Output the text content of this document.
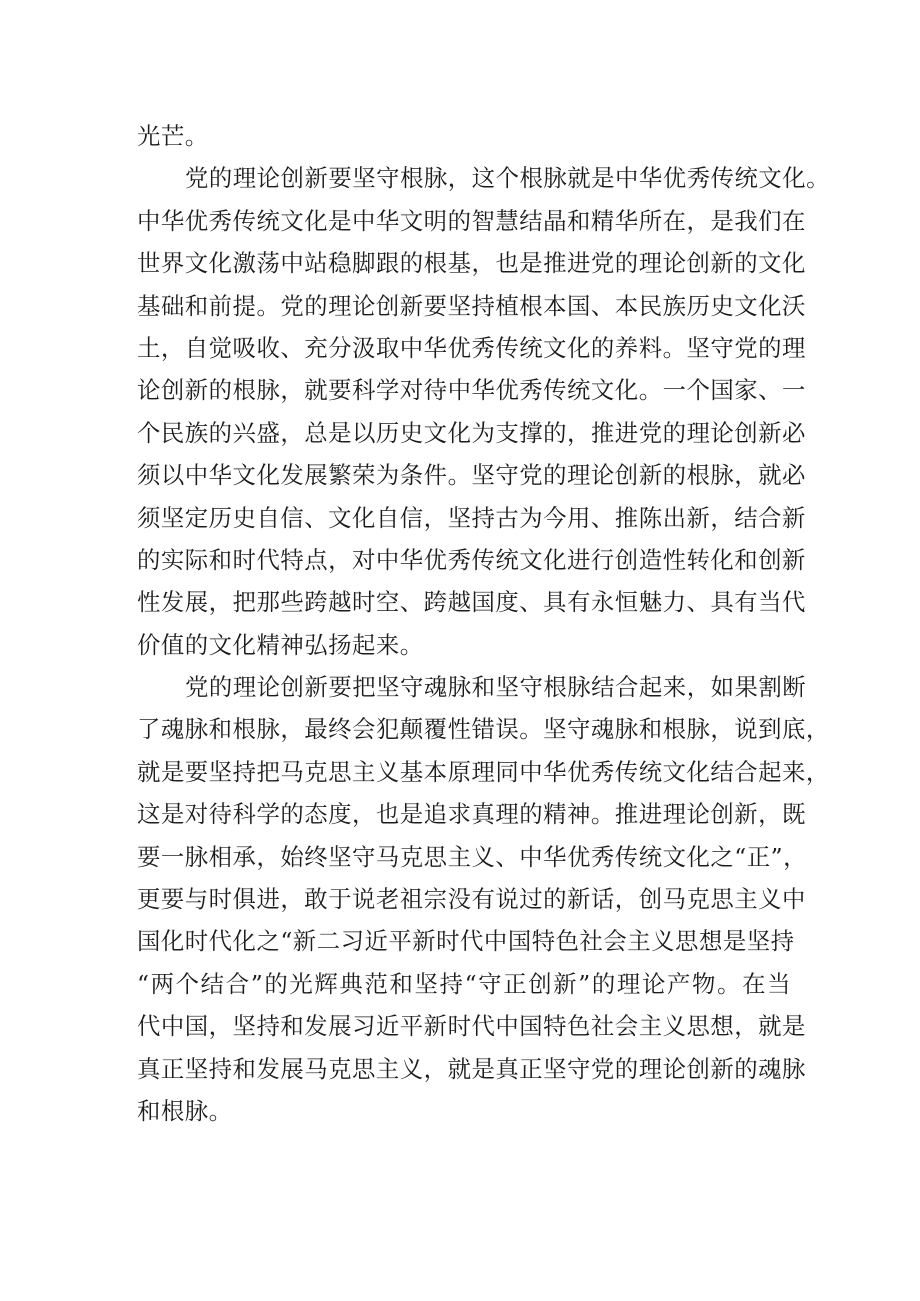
光芒。
党的理论创新要坚守根脉，这个根脉就是中华优秀传统文化。
中华优秀传统文化是中华文明的智慧结晶和精华所在，是我们在
世界文化激荡中站稳脚跟的根基，也是推进党的理论创新的文化
基础和前提。党的理论创新要坚持植根本国、本民族历史文化沃
土，自觉吸收、充分汲取中华优秀传统文化的养料。坚守党的理
论创新的根脉，就要科学对待中华优秀传统文化。一个国家、一
个民族的兴盛，总是以历史文化为支撑的，推进党的理论创新必
须以中华文化发展繁荣为条件。坚守党的理论创新的根脉，就必
须坚定历史自信、文化自信，坚持古为今用、推陈出新，结合新
的实际和时代特点，对中华优秀传统文化进行创造性转化和创新
性发展，把那些跨越时空、跨越国度、具有永恒魅力、具有当代
价值的文化精神弘扬起来。
党的理论创新要把坚守魂脉和坚守根脉结合起来，如果割断
了魂脉和根脉，最终会犯颠覆性错误。坚守魂脉和根脉，说到底，
就是要坚持把马克思主义基本原理同中华优秀传统文化结合起来，
这是对待科学的态度，也是追求真理的精神。推进理论创新，既
要一脉相承，始终坚守马克思主义、中华优秀传统文化之“正”，
更要与时俱进，敢于说老祖宗没有说过的新话，创马克思主义中
国化时代化之“新二习近平新时代中国特色社会主义思想是坚持
“两个结合”的光辉典范和坚持“守正创新”的理论产物。在当
代中国，坚持和发展习近平新时代中国特色社会主义思想，就是
真正坚持和发展马克思主义，就是真正坚守党的理论创新的魂脉
和根脉。
